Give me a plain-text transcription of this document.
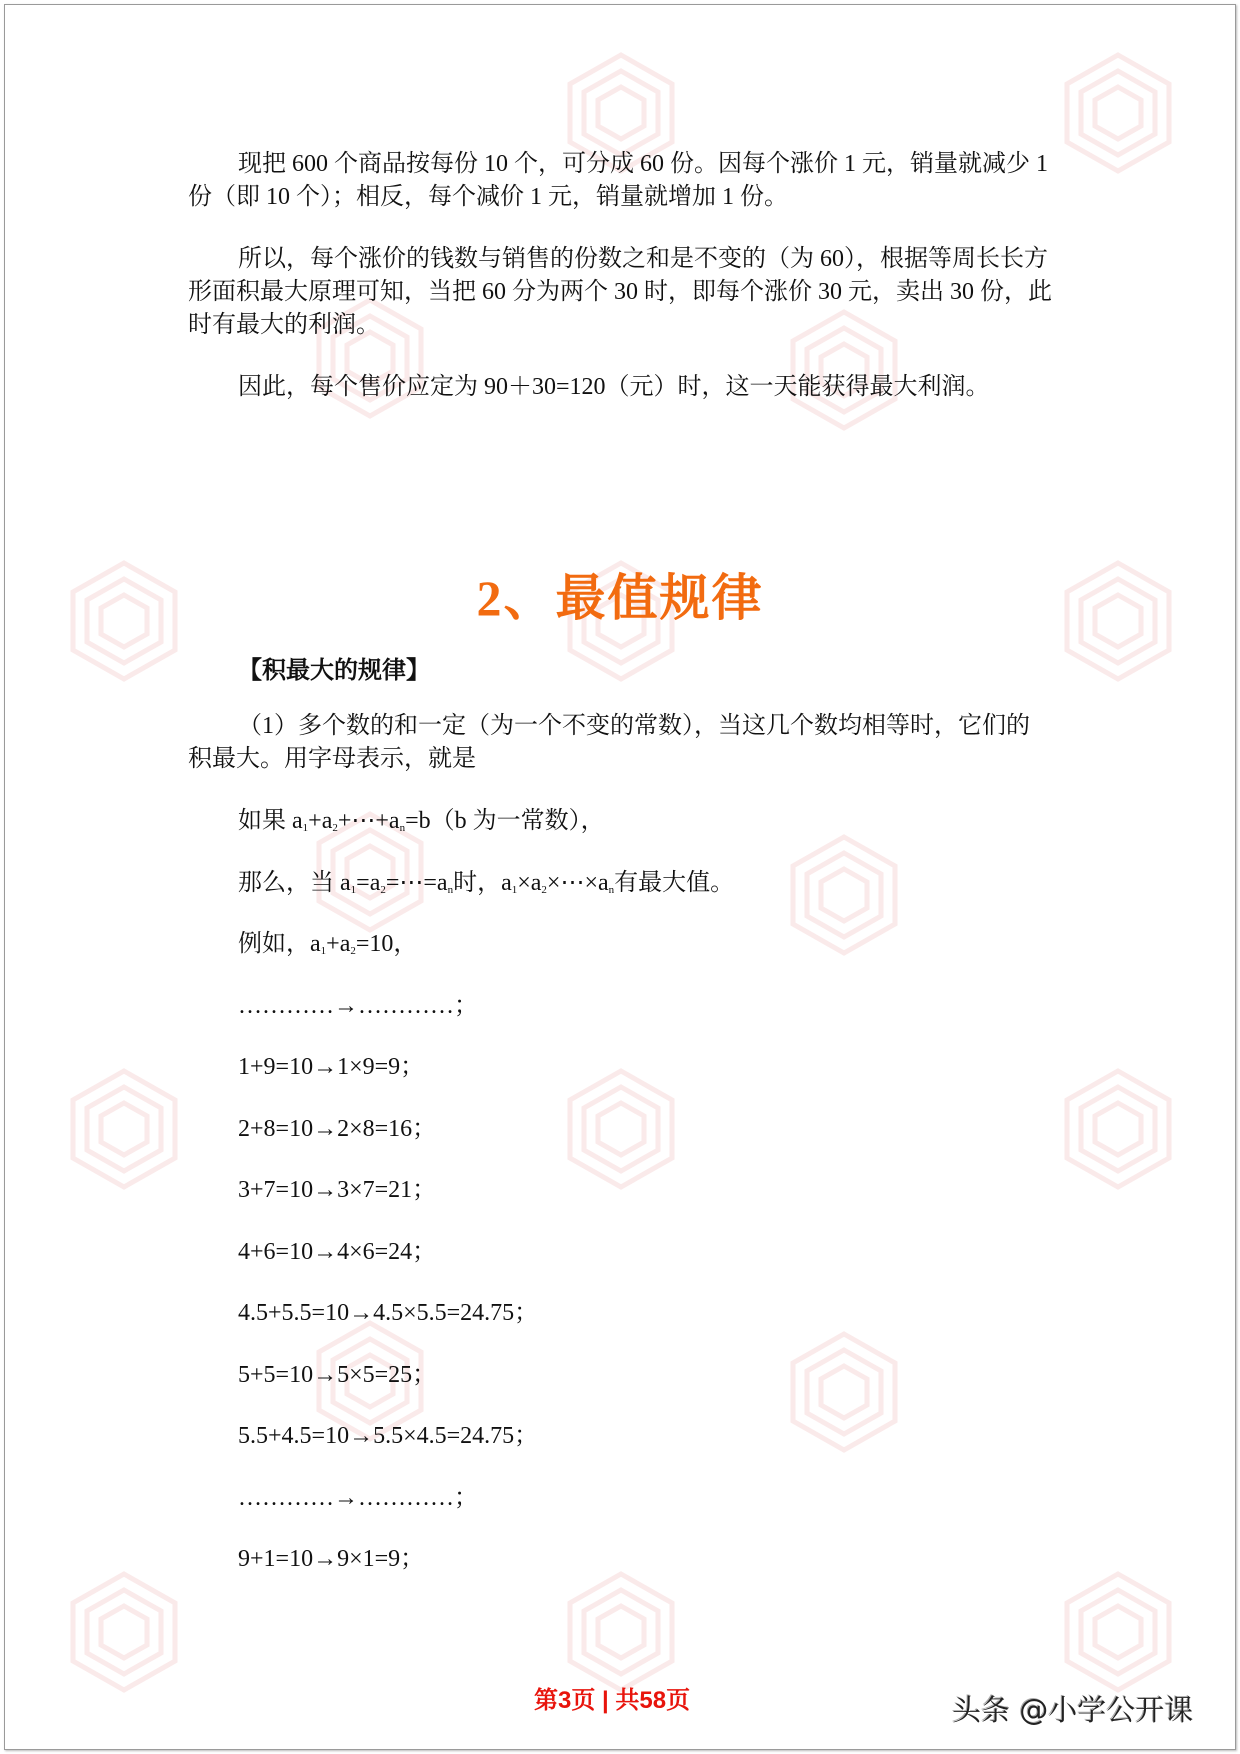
现把 600 个商品按每份 10 个，可分成 60 份。因每个涨价 1 元，销量就减少 1 份（即 10 个）；相反，每个减价 1 元，销量就增加 1 份。
所以，每个涨价的钱数与销售的份数之和是不变的（为 60），根据等周长长方形面积最大原理可知，当把 60 分为两个 30 时，即每个涨价 30 元，卖出 30 份，此时有最大的利润。
因此，每个售价应定为 90＋30=120（元）时，这一天能获得最大利润。
2、最值规律
【积最大的规律】
（1）多个数的和一定（为一个不变的常数），当这几个数均相等时，它们的积最大。用字母表示，就是
如果 $a_1+a_2+\cdots+a_n=b(b$ 为一常数），
那么，当 $a_1=a_2=\cdots=a_n$时，$a_1\times a_2\times\cdots\times a_n$有最大值。
例如，$a_1+a_2=10$，
…………→…………；
1+9=10→1×9=9；
2+8=10→2×8=16；
3+7=10→3×7=21；
4+6=10→4×6=24；
4.5+5.5=10→4.5×5.5=24.75；
5+5=10→5×5=25；
5.5+4.5=10→5.5×4.5=24.75；
…………→…………；
9+1=10→9×1=9；
第3页 | 共58页	头条 @小学公开课
